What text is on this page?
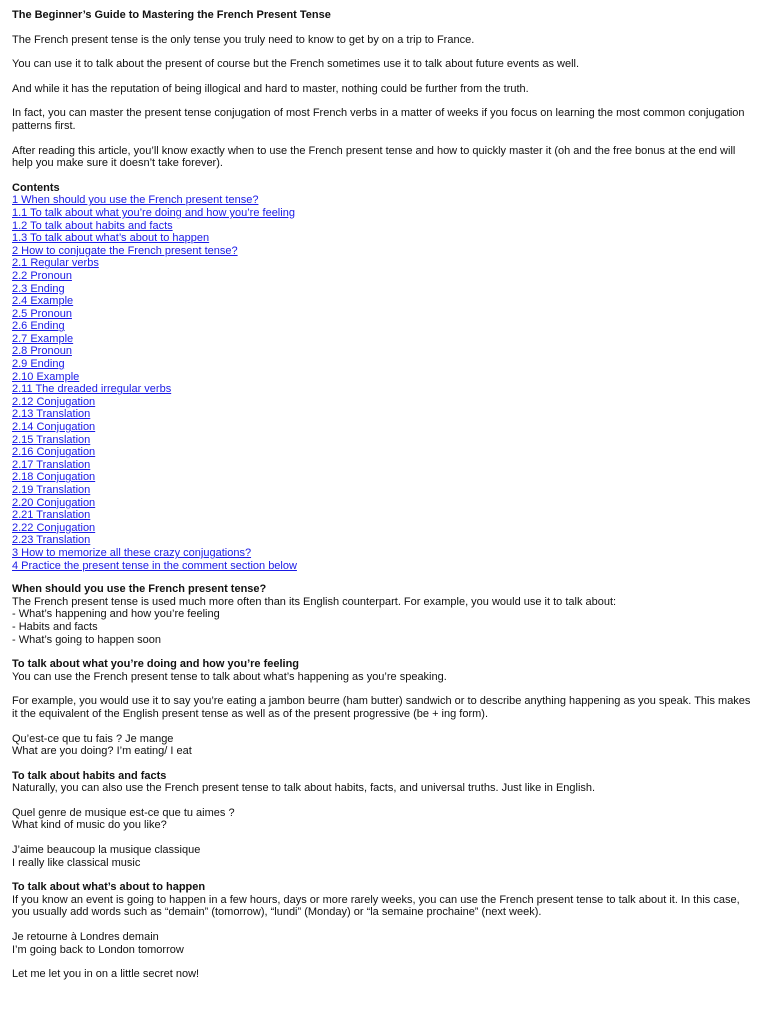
The Beginner’s Guide to Mastering the French Present Tense

The French present tense is the only tense you truly need to know to get by on a trip to France.

You can use it to talk about the present of course but the French sometimes use it to talk about future events as well.

And while it has the reputation of being illogical and hard to master, nothing could be further from the truth.

In fact, you can master the present tense conjugation of most French verbs in a matter of weeks if you focus on learning the most common conjugation patterns first.

After reading this article, you’ll know exactly when to use the French present tense and how to quickly master it (oh and the free bonus at the end will help you make sure it doesn’t take forever).

Contents
1 When should you use the French present tense?
1.1 To talk about what you’re doing and how you’re feeling
1.2 To talk about habits and facts
1.3 To talk about what’s about to happen
2 How to conjugate the French present tense?
2.1 Regular verbs
2.2 Pronoun
2.3 Ending
2.4 Example
2.5 Pronoun
2.6 Ending
2.7 Example
2.8 Pronoun
2.9 Ending
2.10 Example
2.11 The dreaded irregular verbs
2.12 Conjugation
2.13 Translation
2.14 Conjugation
2.15 Translation
2.16 Conjugation
2.17 Translation
2.18 Conjugation
2.19 Translation
2.20 Conjugation
2.21 Translation
2.22 Conjugation
2.23 Translation
3 How to memorize all these crazy conjugations?
4 Practice the present tense in the comment section below
When should you use the French present tense?
The French present tense is used much more often than its English counterpart. For example, you would use it to talk about:
- What’s happening and how you’re feeling
- Habits and facts
- What’s going to happen soon
To talk about what you’re doing and how you’re feeling

You can use the French present tense to talk about what’s happening as you’re speaking.

For example, you would use it to say you’re eating a jambon beurre (ham butter) sandwich or to describe anything happening as you speak. This makes it the equivalent of the English present tense as well as of the present progressive (be + ing form).

Qu’est-ce que tu fais ? Je mange
What are you doing? I’m eating/ I eat
To talk about habits and facts

Naturally, you can also use the French present tense to talk about habits, facts, and universal truths. Just like in English.

Quel genre de musique est-ce que tu aimes ?
What kind of music do you like?
J’aime beaucoup la musique classique
I really like classical music
To talk about what’s about to happen

If you know an event is going to happen in a few hours, days or more rarely weeks, you can use the French present tense to talk about it. In this case, you usually add words such as “demain” (tomorrow), “lundi” (Monday) or “la semaine prochaine” (next week).

Je retourne à Londres demain
I’m going back to London tomorrow

Let me let you in on a little secret now!
